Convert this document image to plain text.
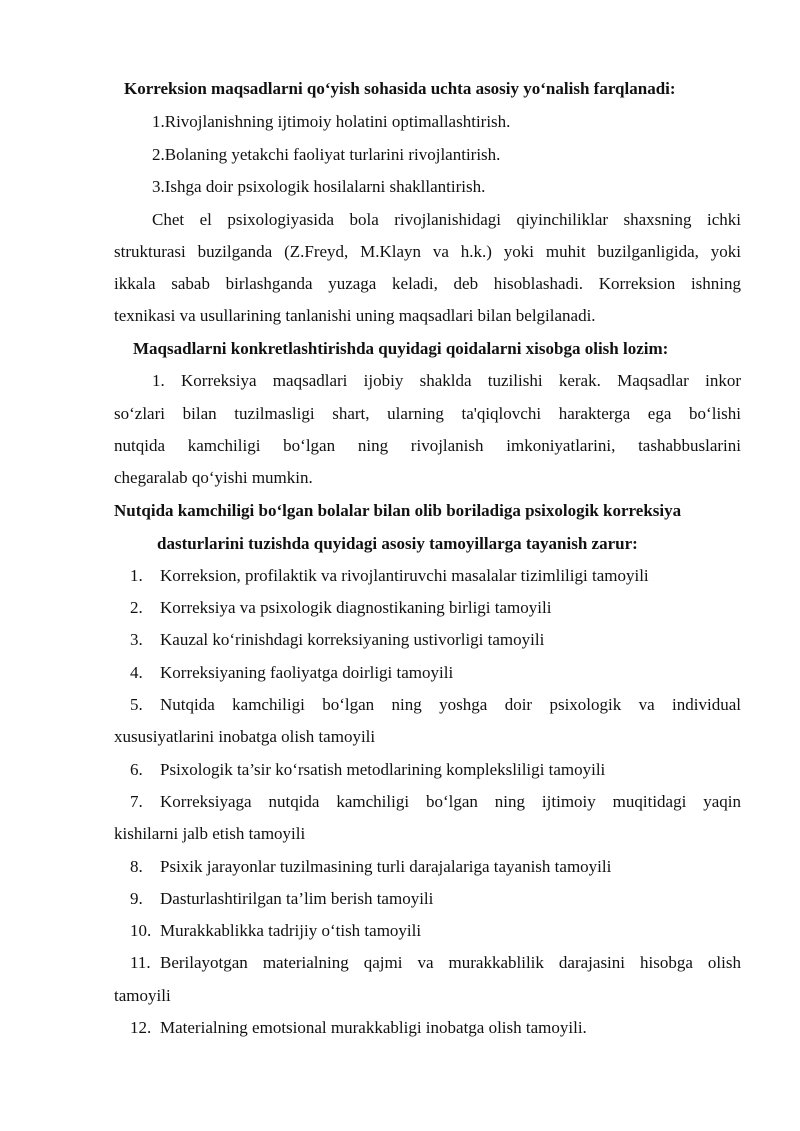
Korreksion maqsadlarni qo‘yish sohasida uchta asosiy yo‘nalish farqlanadi:
1.Rivojlanishning ijtimoiy holatini optimallashtirish.
2.Bolaning yetakchi faoliyat turlarini rivojlantirish.
3.Ishga doir psixologik hosilalarni shakllantirish.
Chet el psixologiyasida bola rivojlanishidagi qiyinchiliklar shaxsning ichki
strukturasi buzilganda (Z.Freyd, M.Klayn va h.k.) yoki muhit buzilganligida, yoki
ikkala sabab birlashganda yuzaga keladi, deb hisoblashadi. Korreksion ishning
texnikasi va usullarining tanlanishi uning maqsadlari bilan belgilanadi.
Maqsadlarni konkretlashtirishda quyidagi qoidalarni xisobga olish lozim:
1. Korreksiya maqsadlari ijobiy shaklda tuzilishi kerak. Maqsadlar inkor
so‘zlari bilan tuzilmasligi shart, ularning ta'qiqlovchi harakterga ega bo‘lishi
nutqida kamchiligi bo‘lgan ning rivojlanish imkoniyatlarini, tashabbuslarini
chegaralab qo‘yishi mumkin.
Nutqida kamchiligi bo‘lgan bolalar bilan olib boriladiga psixologik korreksiya
dasturlarini tuzishda quyidagi asosiy tamoyillarga tayanish zarur:
1. Korreksion, profilaktik va rivojlantiruvchi masalalar tizimliligi tamoyili
2. Korreksiya va psixologik diagnostikaning birligi tamoyili
3. Kauzal ko‘rinishdagi korreksiyaning ustivorligi tamoyili
4. Korreksiyaning faoliyatga doirligi tamoyili
5. Nutqida kamchiligi bo‘lgan ning yoshga doir psixologik va individual
xususiyatlarini inobatga olish tamoyili
6. Psixologik ta’sir ko‘rsatish metodlarining kompleksliligi tamoyili
7. Korreksiyaga nutqida kamchiligi bo‘lgan ning ijtimoiy muqitidagi yaqin
kishilarni jalb etish tamoyili
8. Psixik jarayonlar tuzilmasining turli darajalariga tayanish tamoyili
9. Dasturlashtirilgan ta’lim berish tamoyili
10. Murakkablikka tadrijiy o‘tish tamoyili
11. Berilayotgan materialning qajmi va murakkablilik darajasini hisobga olish
tamoyili
12. Materialning emotsional murakkabligi inobatga olish tamoyili.
